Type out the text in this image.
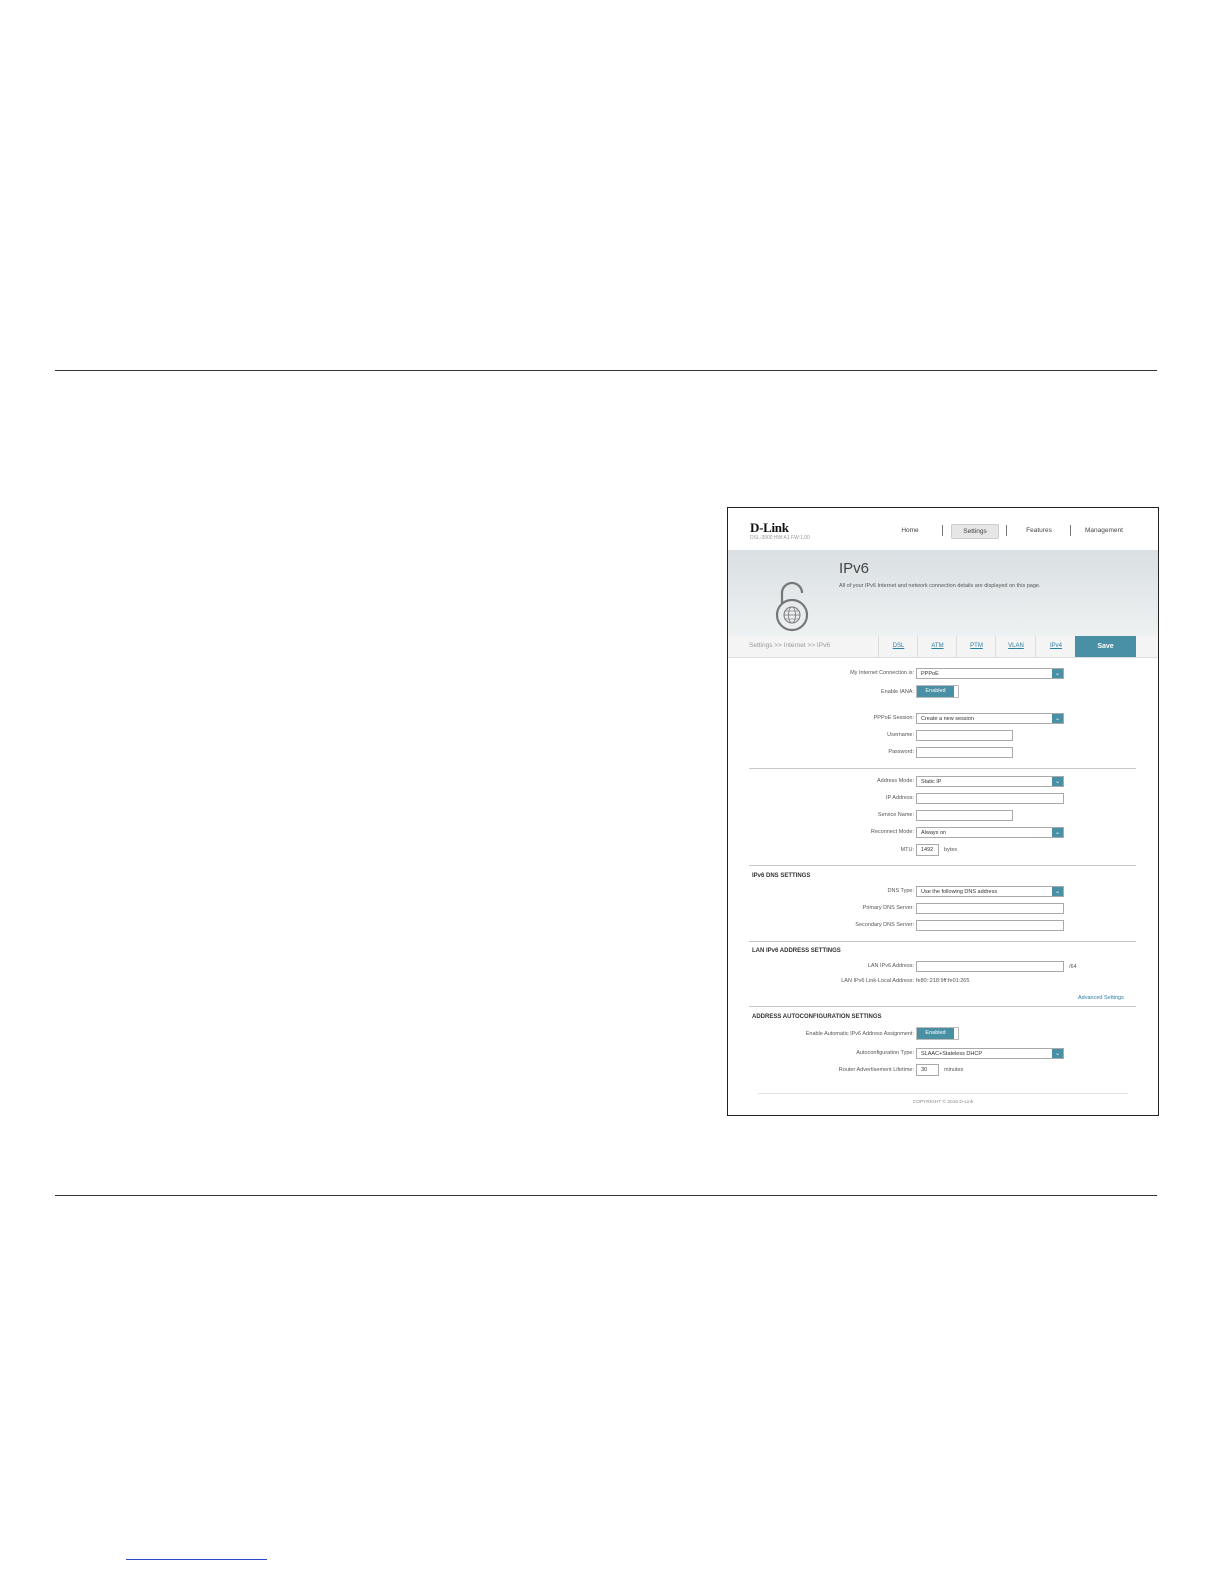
D-Link
DSL-3900 HW:A1 FW:1.00
Home	Settings	Features	Management
IPv6
All of your IPv6 Internet and network connection details are displayed on this page.
Settings >> Internet >> IPv6	DSL	ATM	PTM	VLAN	IPv4	Save
My Internet Connection is:	PPPoE	⌄
Enable IANA:	Enabled
PPPoE Session:	Create a new session	⌄
Username:
Password:
Address Mode:	Static IP	⌄
IP Address:
Service Name:
Reconnect Mode:	Always on	⌄
MTU:	1492	bytes
IPv6 DNS SETTINGS
DNS Type:	Use the following DNS address	⌄
Primary DNS Server:
Secondary DNS Server:
LAN IPv6 ADDRESS SETTINGS
LAN IPv6 Address:	/64
LAN IPv6 Link-Local Address: fe80::218:9ff:fe01:265
Advanced Settings
ADDRESS AUTOCONFIGURATION SETTINGS
Enable Automatic IPv6 Address Assignment:	Enabled
Autoconfiguration Type:	SLAAC+Stateless DHCP	⌄
Router Advertisement Lifetime:	30	minutes
COPYRIGHT © 2016 D-Link
